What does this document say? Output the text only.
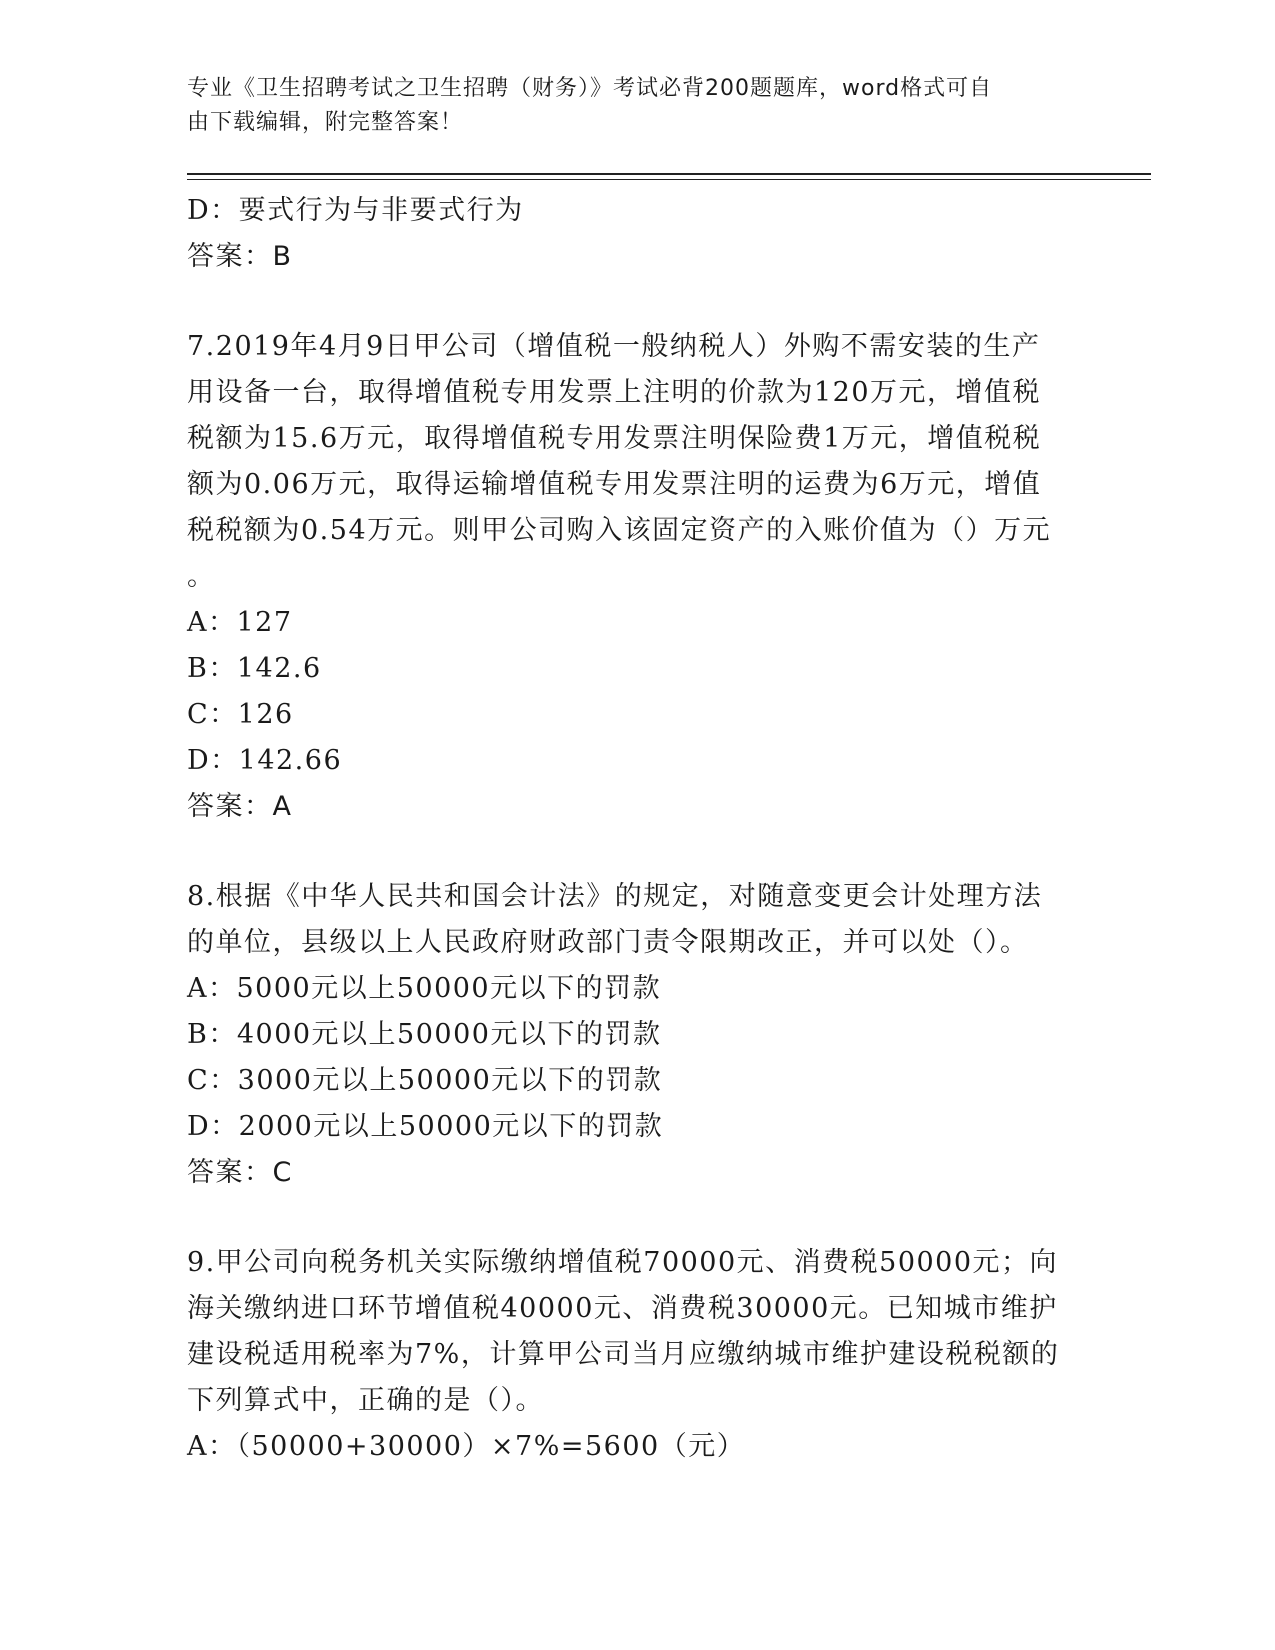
专业《卫生招聘考试之卫生招聘（财务）》考试必背200题题库，word格式可自
由下载编辑，附完整答案！
D：要式行为与非要式行为
答案：B
7.2019年4月9日甲公司（增值税一般纳税人）外购不需安装的生产
用设备一台，取得增值税专用发票上注明的价款为120万元，增值税
税额为15.6万元，取得增值税专用发票注明保险费1万元，增值税税
额为0.06万元，取得运输增值税专用发票注明的运费为6万元，增值
税税额为0.54万元。则甲公司购入该固定资产的入账价值为（）万元
。
A：127
B：142.6
C：126
D：142.66
答案：A
8.根据《中华人民共和国会计法》的规定，对随意变更会计处理方法
的单位，县级以上人民政府财政部门责令限期改正，并可以处（）。
A：5000元以上50000元以下的罚款
B：4000元以上50000元以下的罚款
C：3000元以上50000元以下的罚款
D：2000元以上50000元以下的罚款
答案：C
9.甲公司向税务机关实际缴纳增值税70000元、消费税50000元；向
海关缴纳进口环节增值税40000元、消费税30000元。已知城市维护
建设税适用税率为7%，计算甲公司当月应缴纳城市维护建设税税额的
下列算式中，正确的是（）。
A：（50000+30000）×7%=5600（元）
